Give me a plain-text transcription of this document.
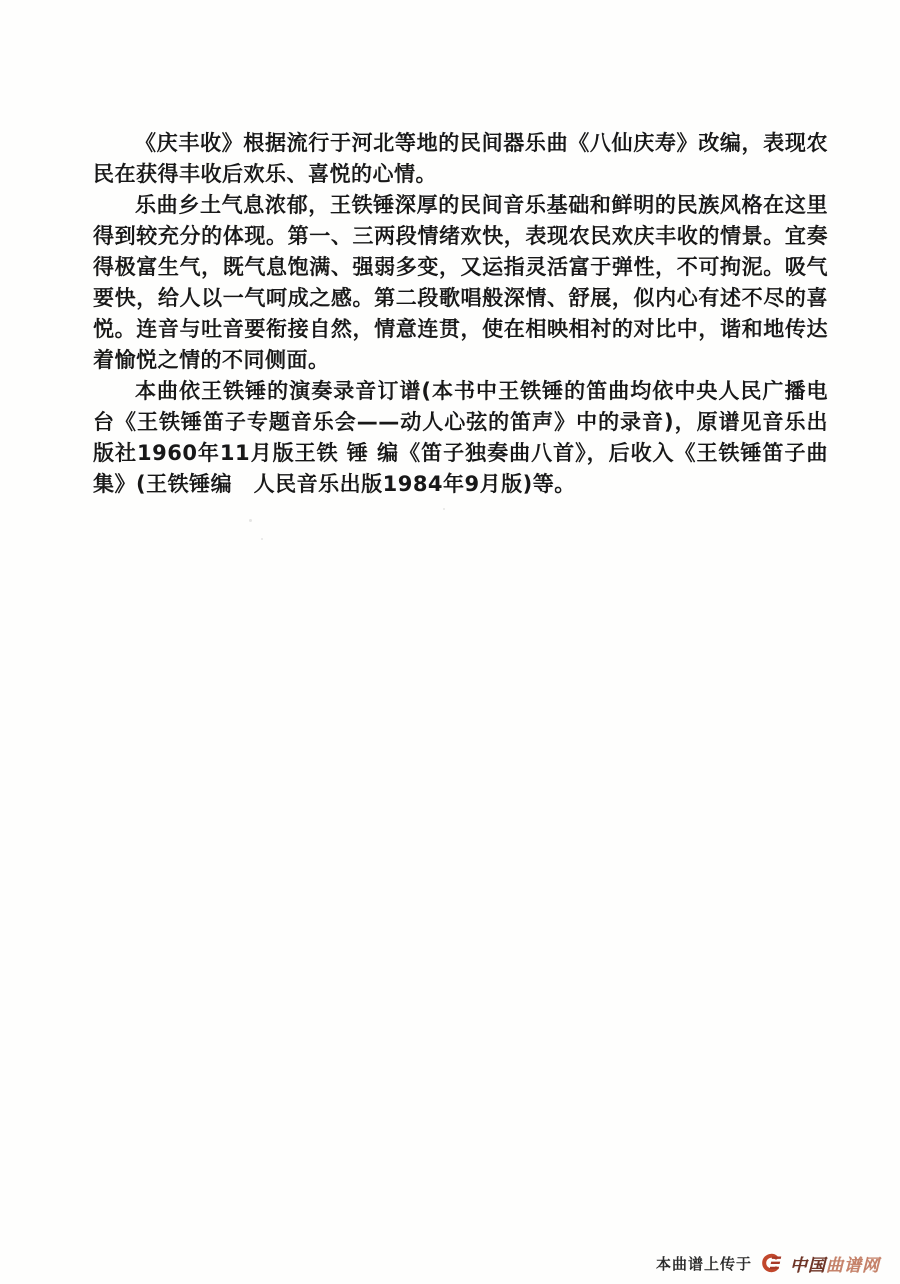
《庆丰收》根据流行于河北等地的民间器乐曲《八仙庆寿》改编，表现农民在获得丰收后欢乐、喜悦的心情。

乐曲乡土气息浓郁，王铁锤深厚的民间音乐基础和鲜明的民族风格在这里得到较充分的体现。第一、三两段情绪欢快，表现农民欢庆丰收的情景。宜奏得极富生气，既气息饱满、强弱多变，又运指灵活富于弹性，不可拘泥。吸气要快，给人以一气呵成之感。第二段歌唱般深情、舒展，似内心有述不尽的喜悦。连音与吐音要衔接自然，情意连贯，使在相映相衬的对比中，谐和地传达着愉悦之情的不同侧面。

本曲依王铁锤的演奏录音订谱(本书中王铁锤的笛曲均依中央人民广播电台《王铁锤笛子专题音乐会——动人心弦的笛声》中的录音)，原谱见音乐出版社1960年11月版王铁 锤 编《笛子独奏曲八首》，后收入《王铁锤笛子曲集》(王铁锤编　人民音乐出版1984年9月版)等。

本曲谱上传于 中国曲谱网
